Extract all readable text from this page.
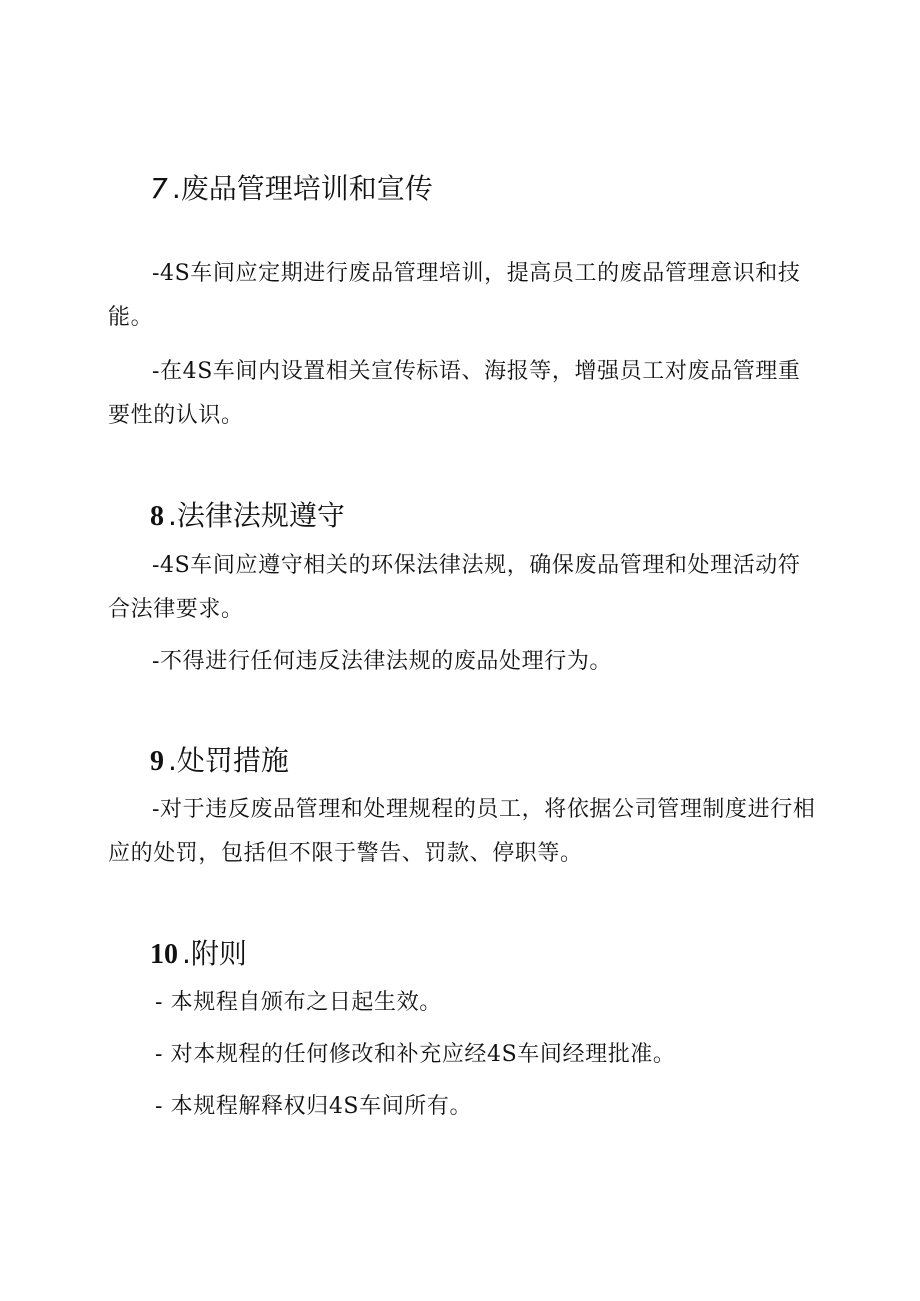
7 .废品管理培训和宣传

-4S车间应定期进行废品管理培训，提高员工的废品管理意识和技能。

-在4S车间内设置相关宣传标语、海报等，增强员工对废品管理重要性的认识。

8 .法律法规遵守

-4S车间应遵守相关的环保法律法规，确保废品管理和处理活动符合法律要求。

-不得进行任何违反法律法规的废品处理行为。

9 .处罚措施

-对于违反废品管理和处理规程的员工，将依据公司管理制度进行相应的处罚，包括但不限于警告、罚款、停职等。

10 .附则
- 本规程自颁布之日起生效。
- 对本规程的任何修改和补充应经4S车间经理批准。
- 本规程解释权归4S车间所有。
